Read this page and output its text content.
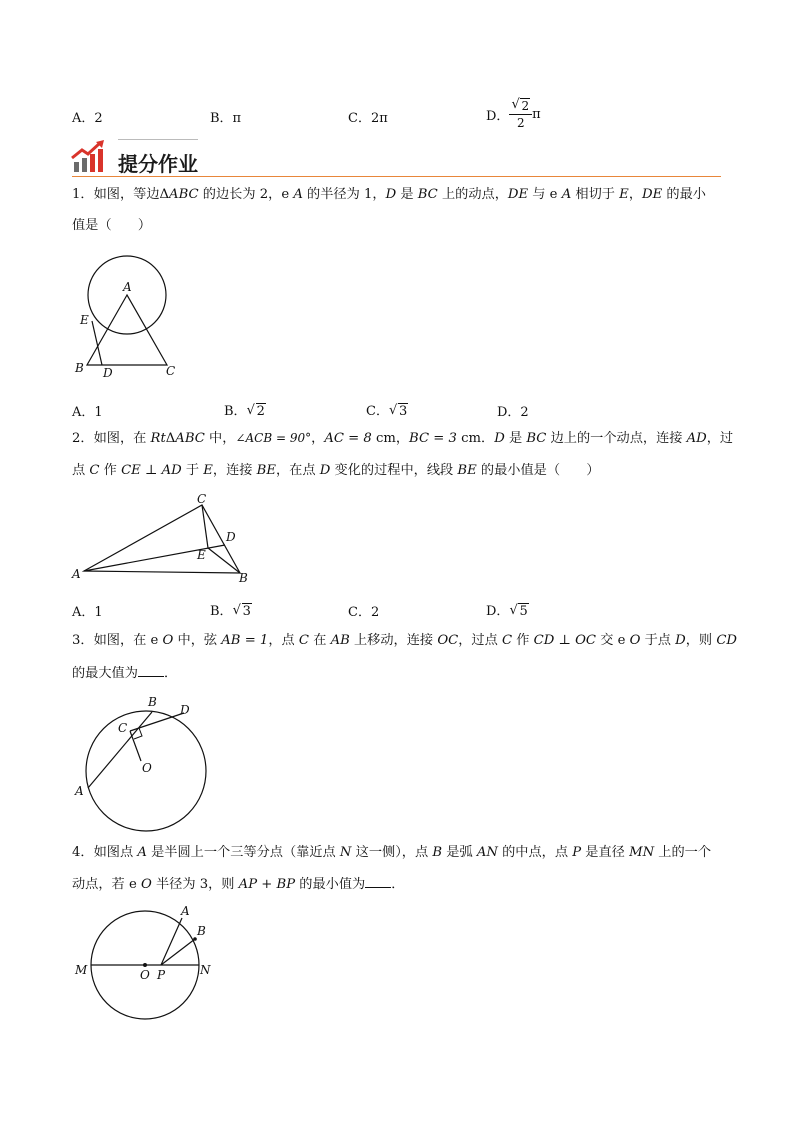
A．2	B．π	C．2π	D． √ $\frac{2}{2}$ π
提分作业
1．如图，等边ΔABC 的边长为 2，e A 的半径为 1，D 是 BC 上的动点，DE 与 e A 相切于 E，DE 的最小
值是（　　）
A
E
B D	C
A．1	B． √ 2	C． √ 3	D．2
2．如图，在 RtΔABC 中，∠ACB = 90°，AC = 8 cm，BC = 3 cm．D 是 BC 边上的一个动点，连接 AD，过
点 C 作 CE ⊥ AD 于 E，连接 BE，在点 D 变化的过程中，线段 BE 的最小值是（　　）
A
C
D
E
B
A．1	B． √ 3	C．2	D． √ 5
3．如图，在 e O 中，弦 AB = 1，点 C 在 AB 上移动，连接 OC，过点 C 作 CD ⊥ OC 交 e O 于点 D，则 CD
的最大值为 ．
B
D
C
O
A
4．如图点 A 是半圆上一个三等分点（靠近点 N 这一侧），点 B 是弧 AN 的中点，点 P 是直径 MN 上的一个
动点，若 e O 半径为 3，则 AP + BP 的最小值为 ．
M	O P	N
A
B
